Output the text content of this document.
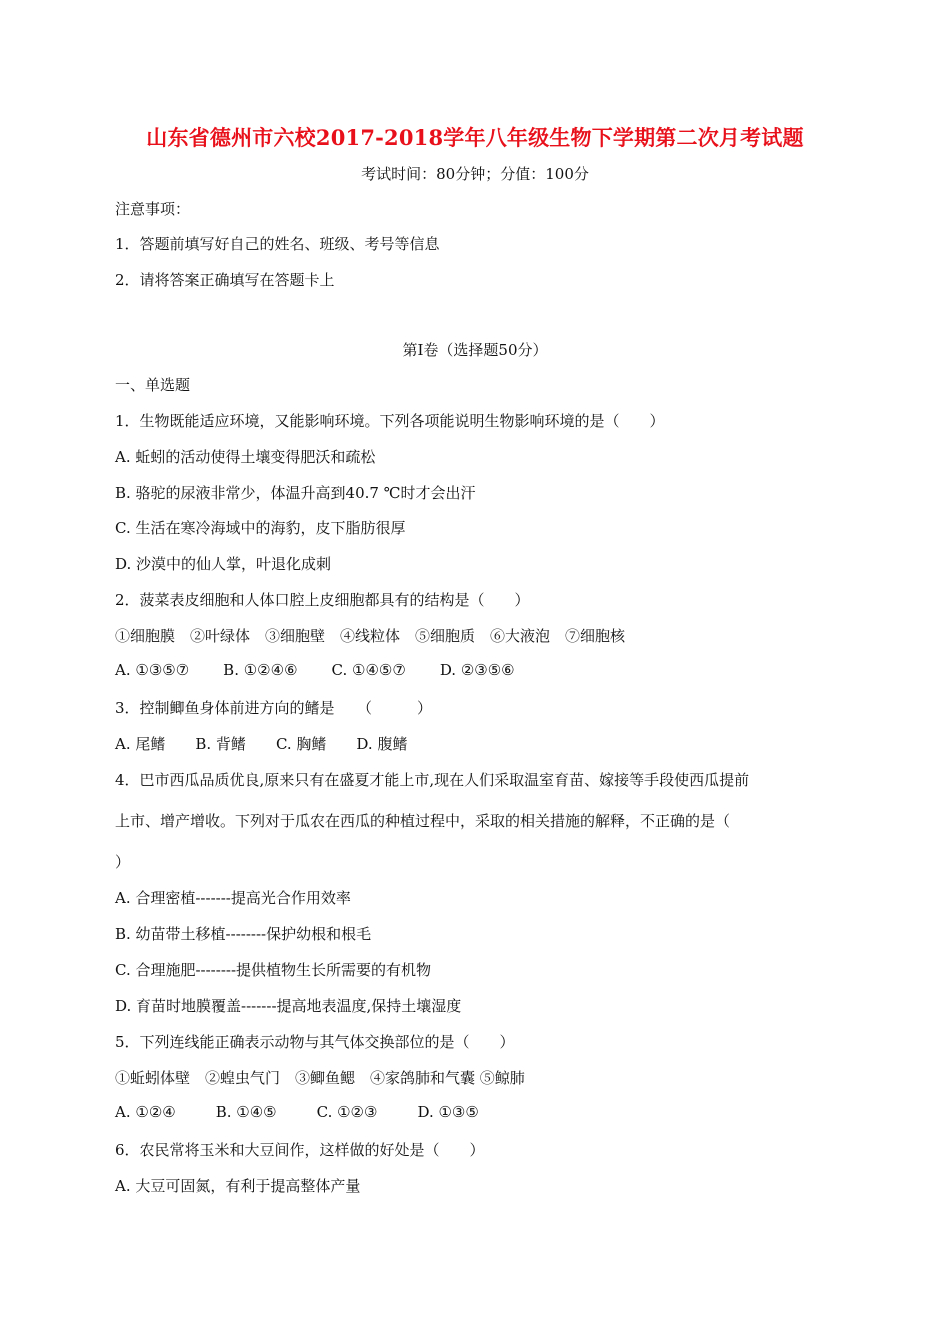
山东省德州市六校2017-2018学年八年级生物下学期第二次月考试题
考试时间：80分钟；分值：100分
注意事项：
1．答题前填写好自己的姓名、班级、考号等信息
2．请将答案正确填写在答题卡上
第I卷（选择题50分）
一、单选题
1．生物既能适应环境，又能影响环境。下列各项能说明生物影响环境的是（　　）
A. 蚯蚓的活动使得土壤变得肥沃和疏松
B. 骆驼的尿液非常少，体温升高到40.7 ℃时才会出汗
C. 生活在寒冷海域中的海豹，皮下脂肪很厚
D. 沙漠中的仙人掌，叶退化成刺
2．菠菜表皮细胞和人体口腔上皮细胞都具有的结构是（　　）
①细胞膜　②叶绿体　③细胞壁　④线粒体　⑤细胞质　⑥大液泡　⑦细胞核
A. ①③⑤⑦ B. ①②④⑥ C. ①④⑤⑦ D. ②③⑤⑥
3．控制鲫鱼身体前进方向的鳍是　　（　　　）
A. 尾鳍 B. 背鳍 C. 胸鳍 D. 腹鳍
4．巴市西瓜品质优良,原来只有在盛夏才能上市,现在人们采取温室育苗、嫁接等手段使西瓜提前
上市、增产增收。下列对于瓜农在西瓜的种植过程中，采取的相关措施的解释，不正确的是（
）
A. 合理密植-------提高光合作用效率
B. 幼苗带土移植--------保护幼根和根毛
C. 合理施肥--------提供植物生长所需要的有机物
D. 育苗时地膜覆盖-------提高地表温度,保持土壤湿度
5．下列连线能正确表示动物与其气体交换部位的是（　　）
①蚯蚓体壁　②蝗虫气门　③鲫鱼鳃　④家鸽肺和气囊 ⑤鲸肺
A. ①②④	B. ①④⑤	C. ①②③	D. ①③⑤
6．农民常将玉米和大豆间作，这样做的好处是（　　）
A. 大豆可固氮，有利于提高整体产量
